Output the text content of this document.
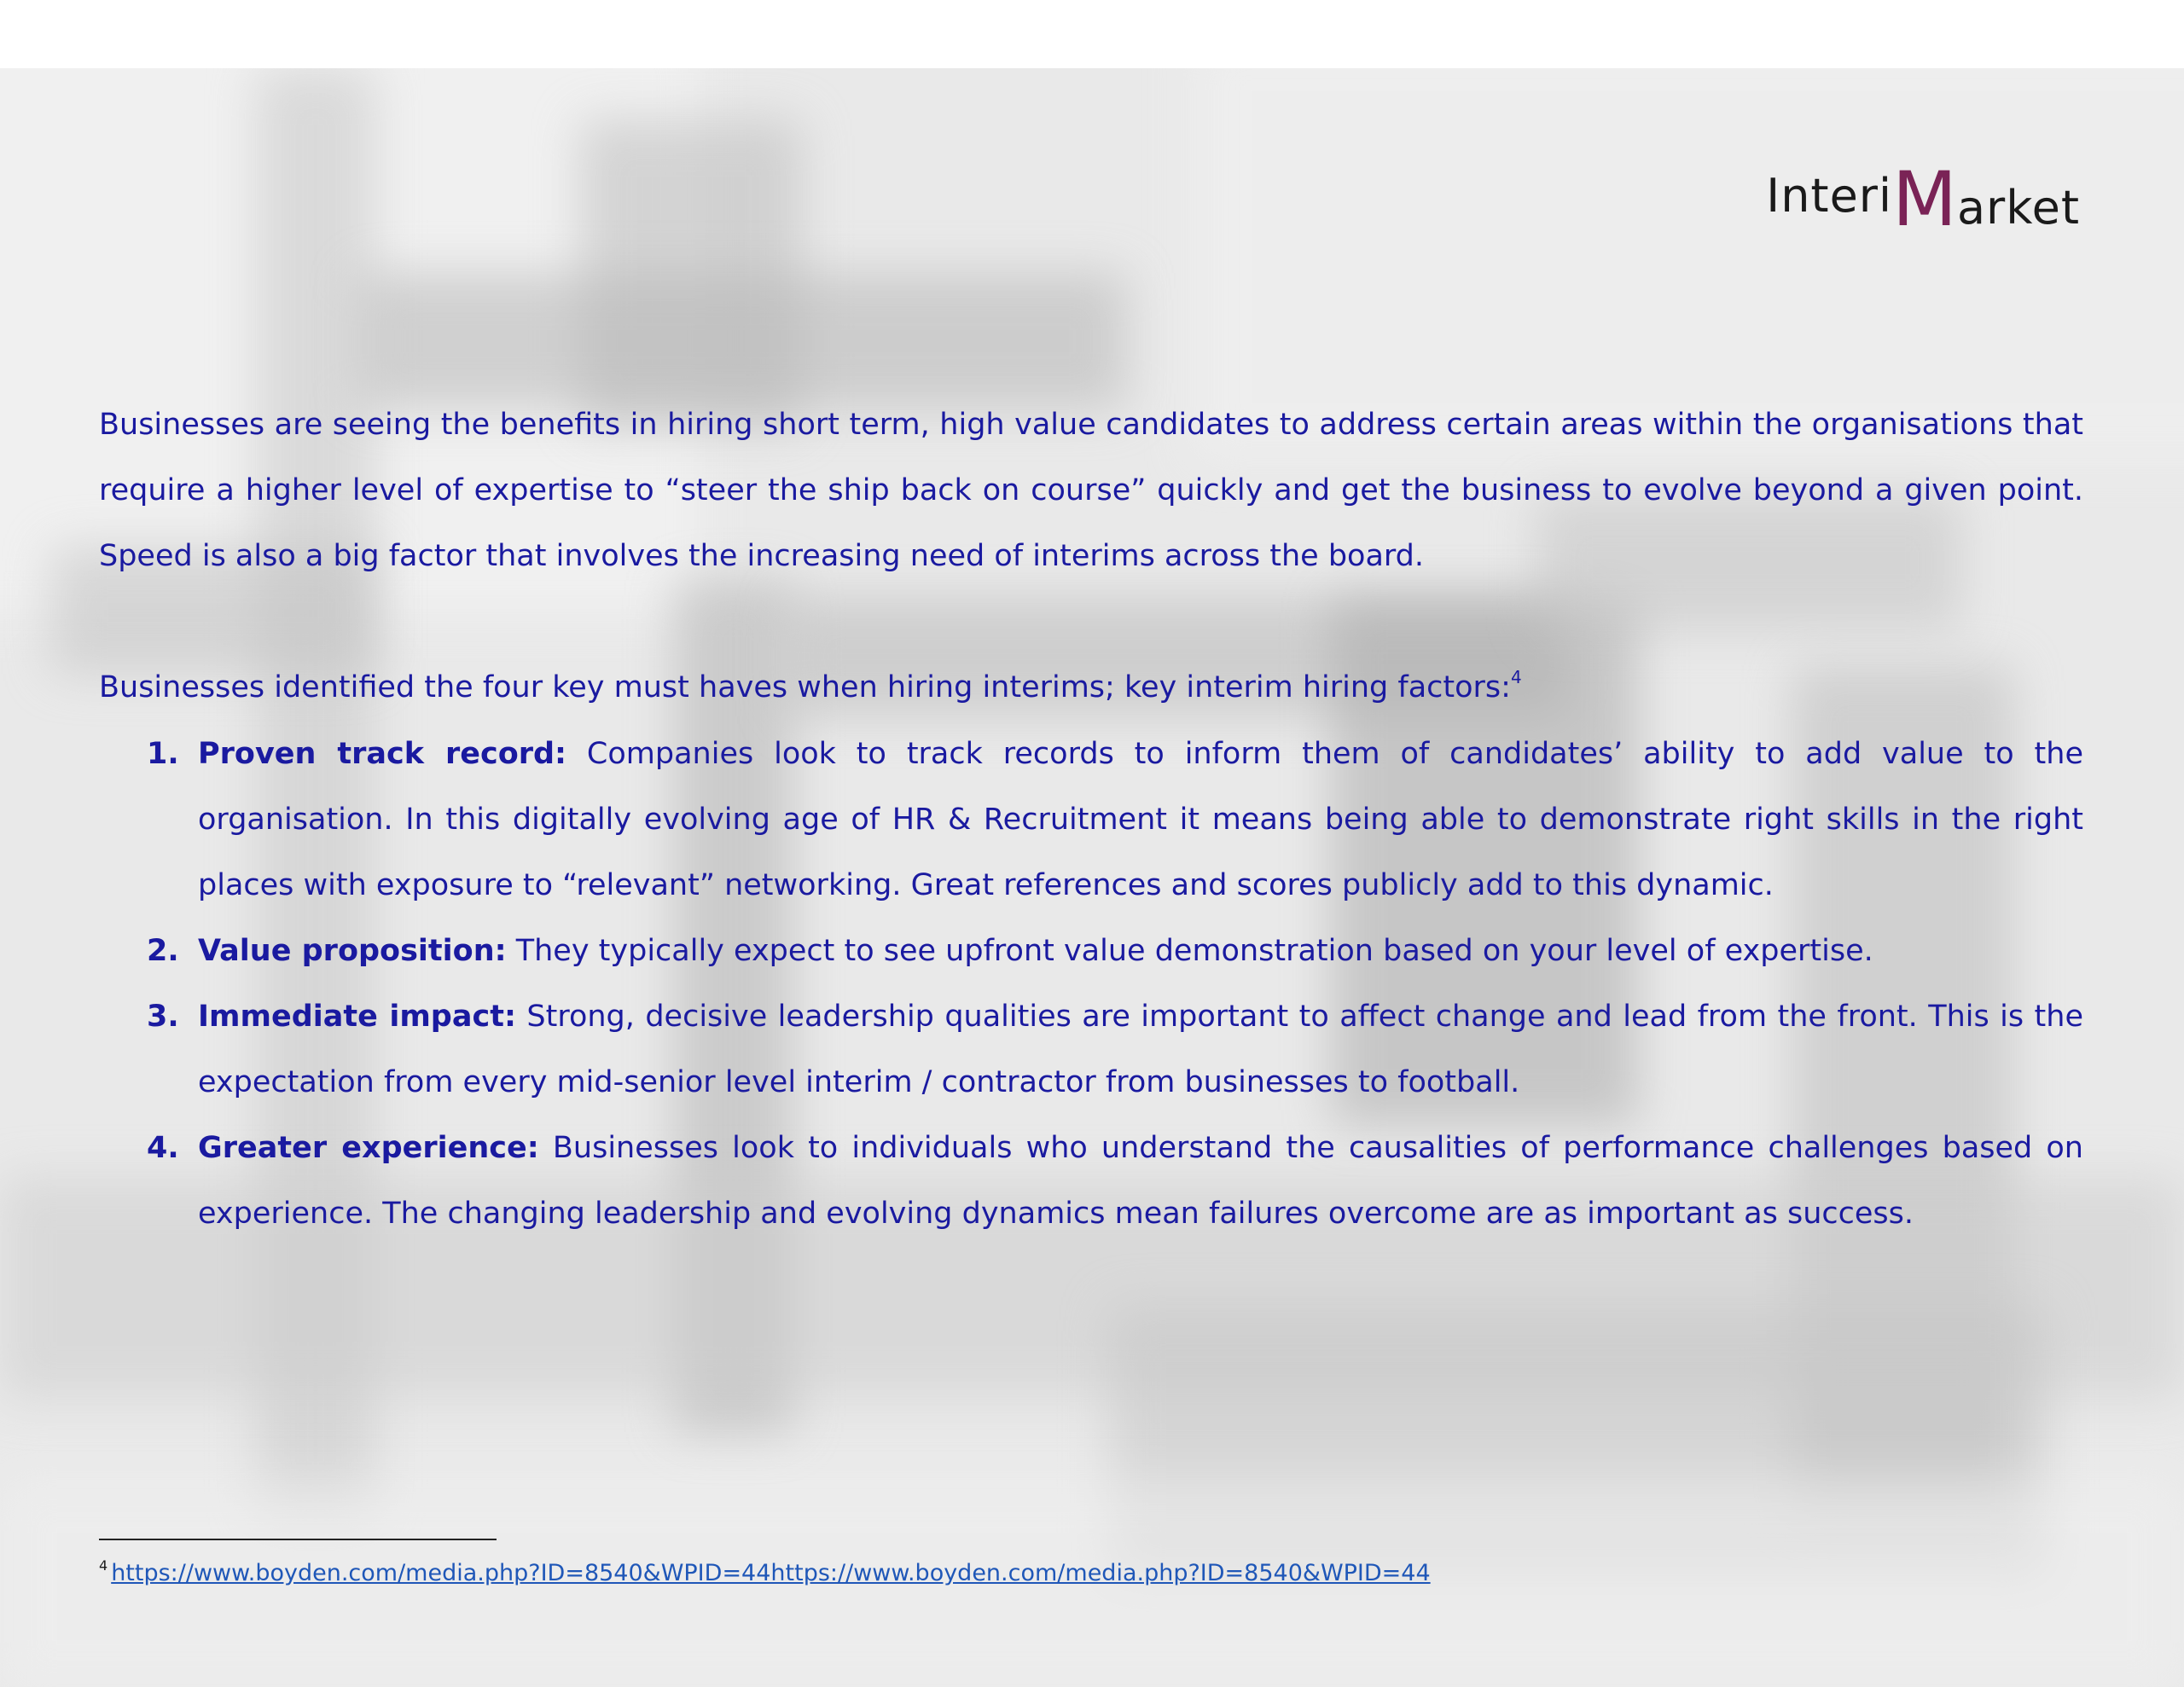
InteriMarket

Businesses are seeing the benefits in hiring short term, high value candidates to address certain areas within the organisations that require a higher level of expertise to “steer the ship back on course” quickly and get the business to evolve beyond a given point. Speed is also a big factor that involves the increasing need of interims across the board.

Businesses identified the four key must haves when hiring interims; key interim hiring factors:$^4$

1. Proven track record: Companies look to track records to inform them of candidates’ ability to add value to the organisation. In this digitally evolving age of HR & Recruitment it means being able to demonstrate right skills in the right places with exposure to “relevant” networking. Great references and scores publicly add to this dynamic.
2. Value proposition: They typically expect to see upfront value demonstration based on your level of expertise.
3. Immediate impact: Strong, decisive leadership qualities are important to affect change and lead from the front. This is the expectation from every mid-senior level interim / contractor from businesses to football.
4. Greater experience: Businesses look to individuals who understand the causalities of performance challenges based on experience. The changing leadership and evolving dynamics mean failures overcome are as important as success.
$^4$ https://www.boyden.com/media.php?ID=8540&WPID=44https://www.boyden.com/media.php?ID=8540&WPID=44
